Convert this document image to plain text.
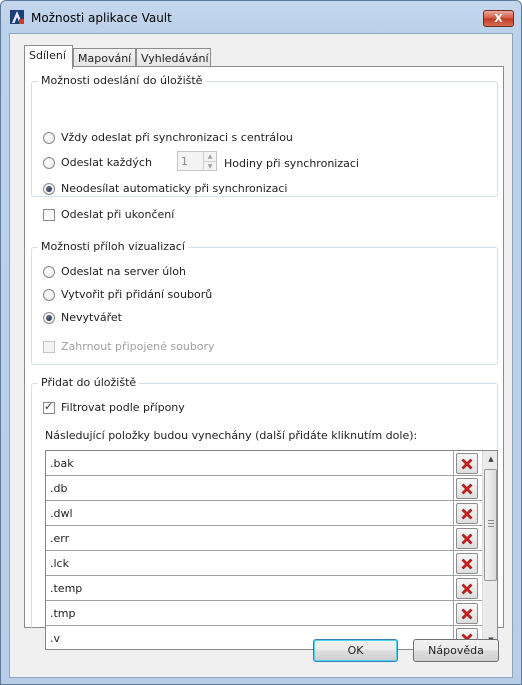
Možnosti aplikace Vault	X
Sdílení	Mapování Vyhledávání
Možnosti odeslání do úložiště
Vždy odeslat při synchronizaci s centrálou
Odeslat každých	1	▲
▼	Hodiny při synchronizaci
Neodesílat automaticky při synchronizaci
Odeslat při ukončení
Možnosti příloh vizualizací
Odeslat na server úloh
Vytvořit při přidání souborů
Nevytvářet
Zahrnout připojené soubory
Přidat do úložiště
✓
Filtrovat podle přípony
Následující položky budou vynechány (další přidáte kliknutím dole):
.bak
.db
.dwl
.err
.lck
.temp
.tmp
.v
▲
OK	Nápověda
